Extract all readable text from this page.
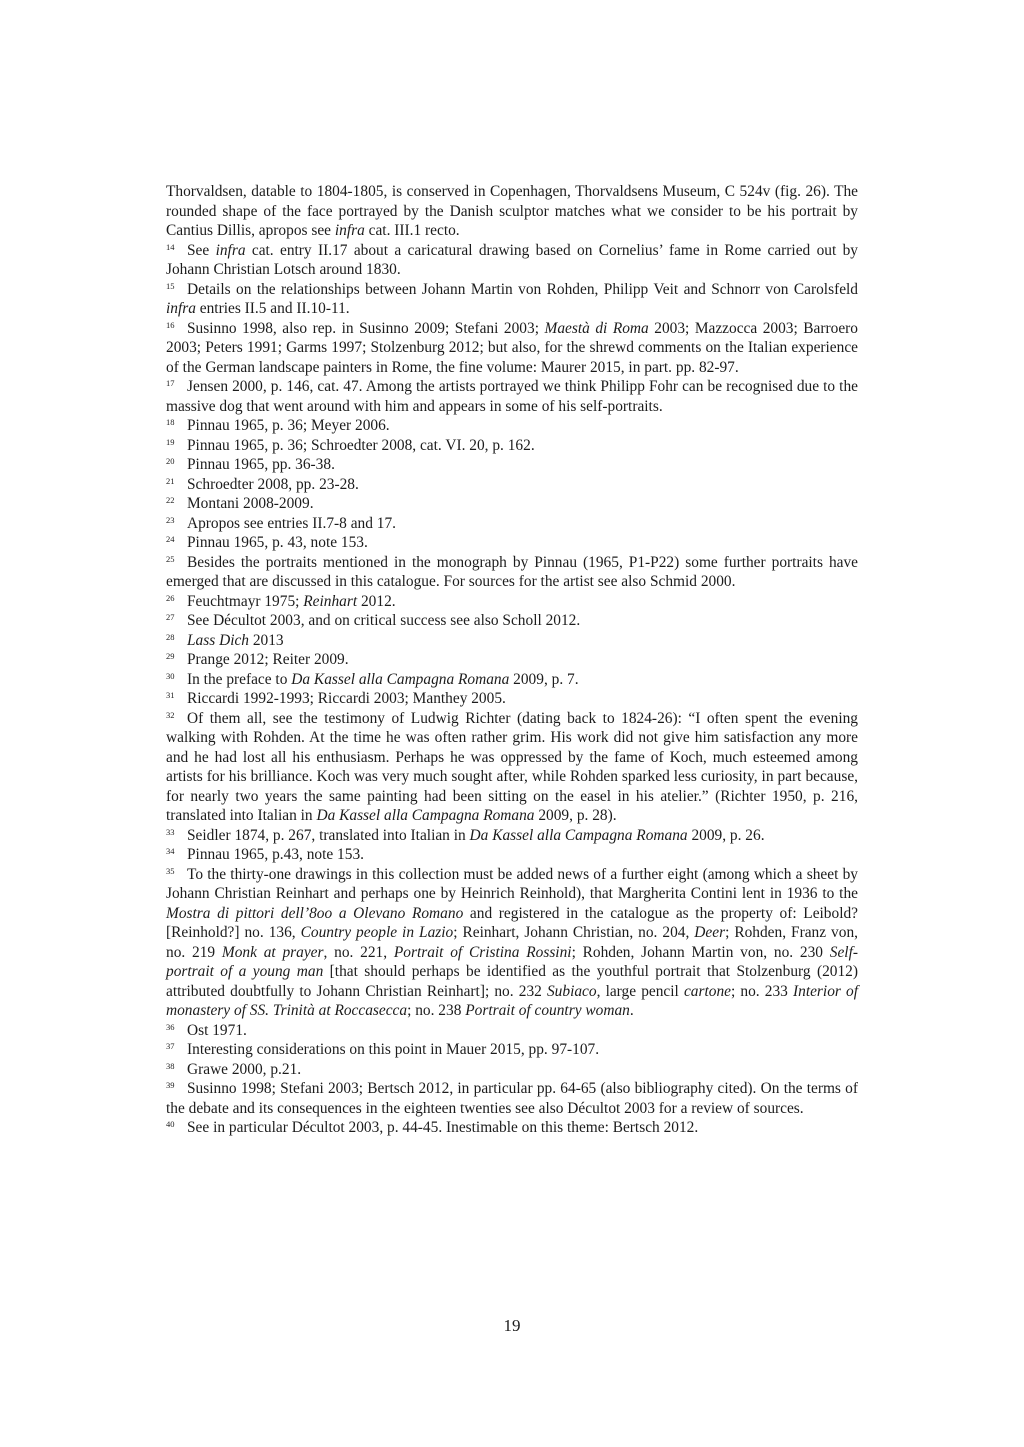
Thorvaldsen, datable to 1804-1805, is conserved in Copenhagen, Thorvaldsens Museum, C 524v (fig. 26). The rounded shape of the face portrayed by the Danish sculptor matches what we consider to be his portrait by Cantius Dillis, apropos see infra cat. III.1 recto.

14 See infra cat. entry II.17 about a caricatural drawing based on Cornelius’ fame in Rome carried out by Johann Christian Lotsch around 1830.

15 Details on the relationships between Johann Martin von Rohden, Philipp Veit and Schnorr von Carolsfeld infra entries II.5 and II.10-11.

16 Susinno 1998, also rep. in Susinno 2009; Stefani 2003; Maestà di Roma 2003; Mazzocca 2003; Barroero 2003; Peters 1991; Garms 1997; Stolzenburg 2012; but also, for the shrewd comments on the Italian experience of the German landscape painters in Rome, the fine volume: Maurer 2015, in part. pp. 82-97.

17 Jensen 2000, p. 146, cat. 47. Among the artists portrayed we think Philipp Fohr can be recognised due to the massive dog that went around with him and appears in some of his self-portraits.

18 Pinnau 1965, p. 36; Meyer 2006.

19 Pinnau 1965, p. 36; Schroedter 2008, cat. VI. 20, p. 162.

20 Pinnau 1965, pp. 36-38.

21 Schroedter 2008, pp. 23-28.

22 Montani 2008-2009.

23 Apropos see entries II.7-8 and 17.

24 Pinnau 1965, p. 43, note 153.

25 Besides the portraits mentioned in the monograph by Pinnau (1965, P1-P22) some further portraits have emerged that are discussed in this catalogue. For sources for the artist see also Schmid 2000.

26 Feuchtmayr 1975; Reinhart 2012.

27 See Décultot 2003, and on critical success see also Scholl 2012.

28 Lass Dich 2013

29 Prange 2012; Reiter 2009.

30 In the preface to Da Kassel alla Campagna Romana 2009, p. 7.

31 Riccardi 1992-1993; Riccardi 2003; Manthey 2005.

32 Of them all, see the testimony of Ludwig Richter (dating back to 1824-26): “I often spent the evening walking with Rohden. At the time he was often rather grim. His work did not give him satisfaction any more and he had lost all his enthusiasm. Perhaps he was oppressed by the fame of Koch, much esteemed among artists for his brilliance. Koch was very much sought after, while Rohden sparked less curiosity, in part because, for nearly two years the same painting had been sitting on the easel in his atelier.” (Richter 1950, p. 216, translated into Italian in Da Kassel alla Campagna Romana 2009, p. 28).

33 Seidler 1874, p. 267, translated into Italian in Da Kassel alla Campagna Romana 2009, p. 26.

34 Pinnau 1965, p.43, note 153.

35 To the thirty-one drawings in this collection must be added news of a further eight (among which a sheet by Johann Christian Reinhart and perhaps one by Heinrich Reinhold), that Margherita Contini lent in 1936 to the Mostra di pittori dell’8oo a Olevano Romano and registered in the catalogue as the property of: Leibold? [Reinhold?] no. 136, Country people in Lazio; Reinhart, Johann Christian, no. 204, Deer; Rohden, Franz von, no. 219 Monk at prayer, no. 221, Portrait of Cristina Rossini; Rohden, Johann Martin von, no. 230 Self- portrait of a young man [that should perhaps be identified as the youthful portrait that Stolzenburg (2012) attributed doubtfully to Johann Christian Reinhart]; no. 232 Subiaco, large pencil cartone; no. 233 Interior of monastery of SS. Trinità at Roccasecca; no. 238 Portrait of country woman.

36 Ost 1971.

37 Interesting considerations on this point in Mauer 2015, pp. 97-107.

38 Grawe 2000, p.21.

39 Susinno 1998; Stefani 2003; Bertsch 2012, in particular pp. 64-65 (also bibliography cited). On the terms of the debate and its consequences in the eighteen twenties see also Décultot 2003 for a review of sources.

40 See in particular Décultot 2003, p. 44-45. Inestimable on this theme: Bertsch 2012.

19
